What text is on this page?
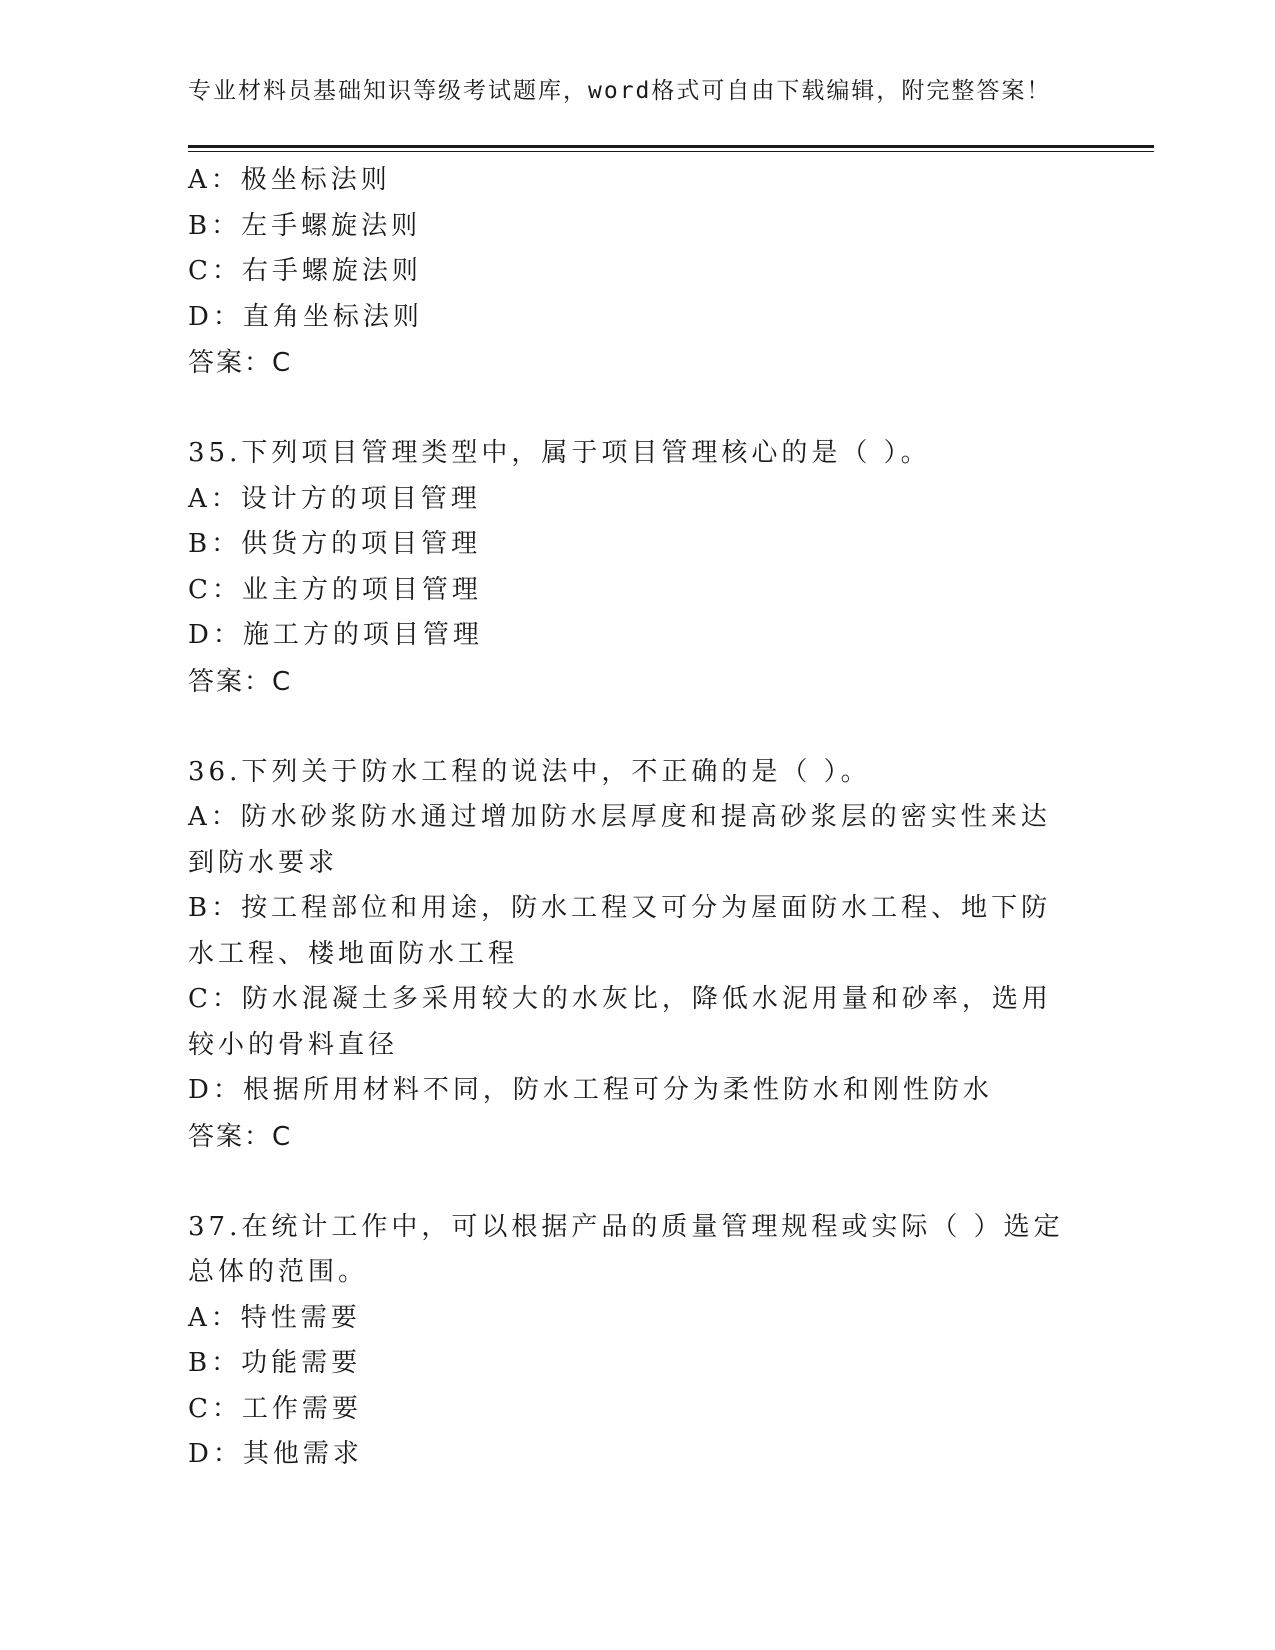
专业材料员基础知识等级考试题库，word格式可自由下载编辑，附完整答案！
A：极坐标法则
B：左手螺旋法则
C：右手螺旋法则
D：直角坐标法则
答案：C
35.下列项目管理类型中，属于项目管理核心的是（ ）。
A：设计方的项目管理
B：供货方的项目管理
C：业主方的项目管理
D：施工方的项目管理
答案：C
36.下列关于防水工程的说法中，不正确的是（ ）。
A：防水砂浆防水通过增加防水层厚度和提高砂浆层的密实性来达到防水要求
B：按工程部位和用途，防水工程又可分为屋面防水工程、地下防水工程、楼地面防水工程
C：防水混凝土多采用较大的水灰比，降低水泥用量和砂率，选用较小的骨料直径
D：根据所用材料不同，防水工程可分为柔性防水和刚性防水
答案：C
37.在统计工作中，可以根据产品的质量管理规程或实际（ ）选定总体的范围。
A：特性需要
B：功能需要
C：工作需要
D：其他需求
